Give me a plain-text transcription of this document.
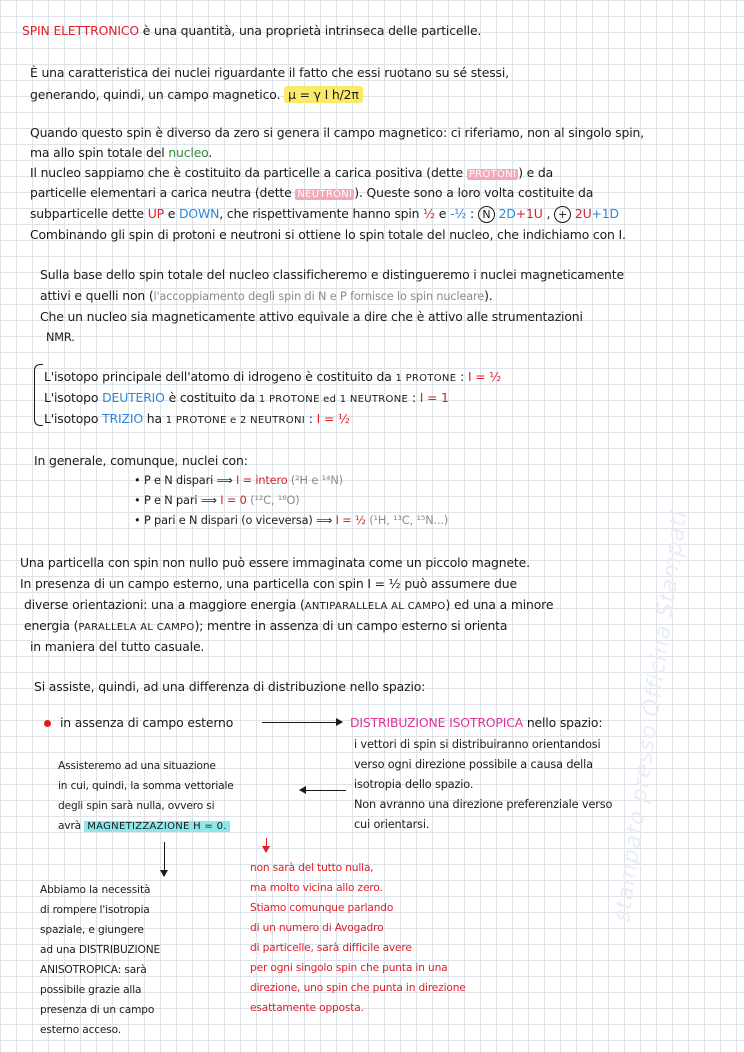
stampato presso Officina Stampati
SPIN ELETTRONICO è una quantità, una proprietà intrinseca delle particelle.
È una caratteristica dei nuclei riguardante il fatto che essi ruotano su sé stessi,
generando, quindi, un campo magnetico. μ = γ I h/2π
Quando questo spin è diverso da zero si genera il campo magnetico: ci riferiamo, non al singolo spin,
ma allo spin totale del nucleo.
Il nucleo sappiamo che è costituito da particelle a carica positiva (dette PROTONI ) e da
particelle elementari a carica neutra (dette NEUTRONI ). Queste sono a loro volta costituite da
subparticelle dette UP e DOWN, che rispettivamente hanno spin ½ e -½ : N 2D+1U , + 2U+1D
Combinando gli spin di protoni e neutroni si ottiene lo spin totale del nucleo, che indichiamo con I.
Sulla base dello spin totale del nucleo classificheremo e distingueremo i nuclei magneticamente
attivi e quelli non (l'accoppiamento degli spin di N e P fornisce lo spin nucleare).
Che un nucleo sia magneticamente attivo equivale a dire che è attivo alle strumentazioni
NMR.
L'isotopo principale dell'atomo di idrogeno è costituito da 1 PROTONE : I = ½
L'isotopo DEUTERIO è costituito da 1 PROTONE ed 1 NEUTRONE : I = 1
L'isotopo TRIZIO ha 1 PROTONE e 2 NEUTRONI : I = ½
In generale, comunque, nuclei con:
• P e N dispari ⟹ I = intero (²H e ¹⁴N)
• P e N pari ⟹ I = 0 (¹²C, ¹⁶O)
• P pari e N dispari (o viceversa) ⟹ I = ½ (¹H, ¹³C, ¹⁵N...)
Una particella con spin non nullo può essere immaginata come un piccolo magnete.
In presenza di un campo esterno, una particella con spin I = ½ può assumere due
diverse orientazioni: una a maggiore energia (ANTIPARALLELA AL CAMPO) ed una a minore
energia (PARALLELA AL CAMPO); mentre in assenza di un campo esterno si orienta
in maniera del tutto casuale.
Si assiste, quindi, ad una differenza di distribuzione nello spazio:
in assenza di campo esterno	DISTRIBUZIONE ISOTROPICA nello spazio:
i vettori di spin si distribuiranno orientandosi
verso ogni direzione possibile a causa della
isotropia dello spazio.
Non avranno una direzione preferenziale verso
cui orientarsi.
Assisteremo ad una situazione
in cui, quindi, la somma vettoriale
degli spin sarà nulla, ovvero si
avrà MAGNETIZZAZIONE H = 0.
non sarà del tutto nulla,
ma molto vicina allo zero.
Stiamo comunque parlando
di un numero di Avogadro
di particelle, sarà difficile avere
per ogni singolo spin che punta in una
direzione, uno spin che punta in direzione
esattamente opposta.
Abbiamo la necessità
di rompere l'isotropia
spaziale, e giungere
ad una DISTRIBUZIONE
ANISOTROPICA: sarà
possibile grazie alla
presenza di un campo
esterno acceso.
